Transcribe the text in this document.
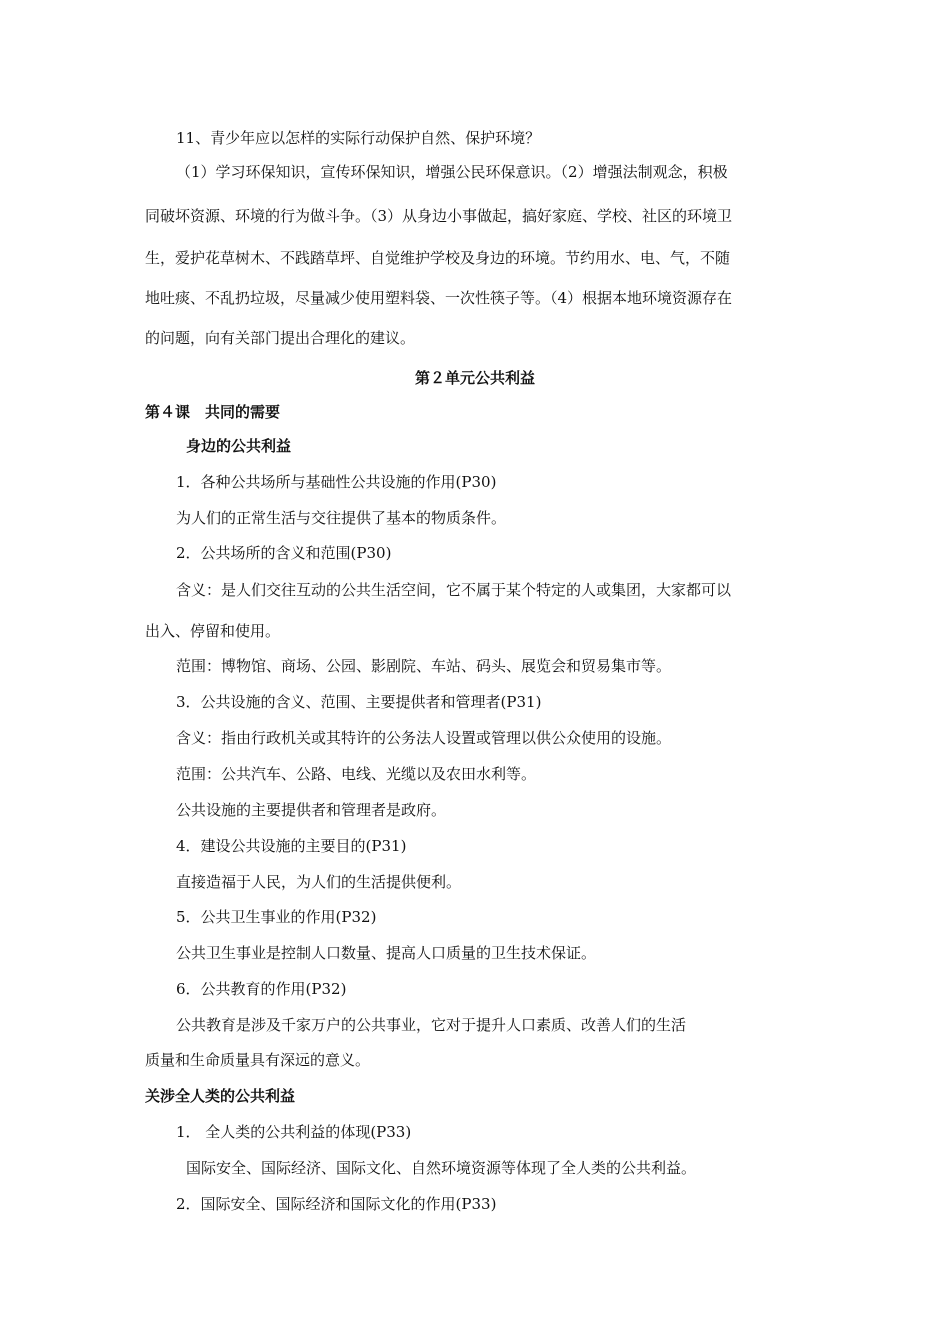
11、青少年应以怎样的实际行动保护自然、保护环境？
（1）学习环保知识，宣传环保知识，增强公民环保意识。（2）增强法制观念，积极
同破坏资源、环境的行为做斗争。（3）从身边小事做起，搞好家庭、学校、社区的环境卫
生，爱护花草树木、不践踏草坪、自觉维护学校及身边的环境。节约用水、电、气，不随
地吐痰、不乱扔垃圾，尽量减少使用塑料袋、一次性筷子等。（4）根据本地环境资源存在
的问题，向有关部门提出合理化的建议。
第２单元公共利益
第４课　共同的需要
身边的公共利益
1．各种公共场所与基础性公共设施的作用(P30)
为人们的正常生活与交往提供了基本的物质条件。
2．公共场所的含义和范围(P30)
含义：是人们交往互动的公共生活空间，它不属于某个特定的人或集团，大家都可以
出入、停留和使用。
范围：博物馆、商场、公园、影剧院、车站、码头、展览会和贸易集市等。
3．公共设施的含义、范围、主要提供者和管理者(P31)
含义：指由行政机关或其特许的公务法人设置或管理以供公众使用的设施。
范围：公共汽车、公路、电线、光缆以及农田水利等。
公共设施的主要提供者和管理者是政府。
4．建设公共设施的主要目的(P31)
直接造福于人民，为人们的生活提供便利。
5．公共卫生事业的作用(P32)
公共卫生事业是控制人口数量、提高人口质量的卫生技术保证。
6．公共教育的作用(P32)
公共教育是涉及千家万户的公共事业，它对于提升人口素质、改善人们的生活
质量和生命质量具有深远的意义。
关涉全人类的公共利益
1． 全人类的公共利益的体现(P33)
国际安全、国际经济、国际文化、自然环境资源等体现了全人类的公共利益。
2．国际安全、国际经济和国际文化的作用(P33)
